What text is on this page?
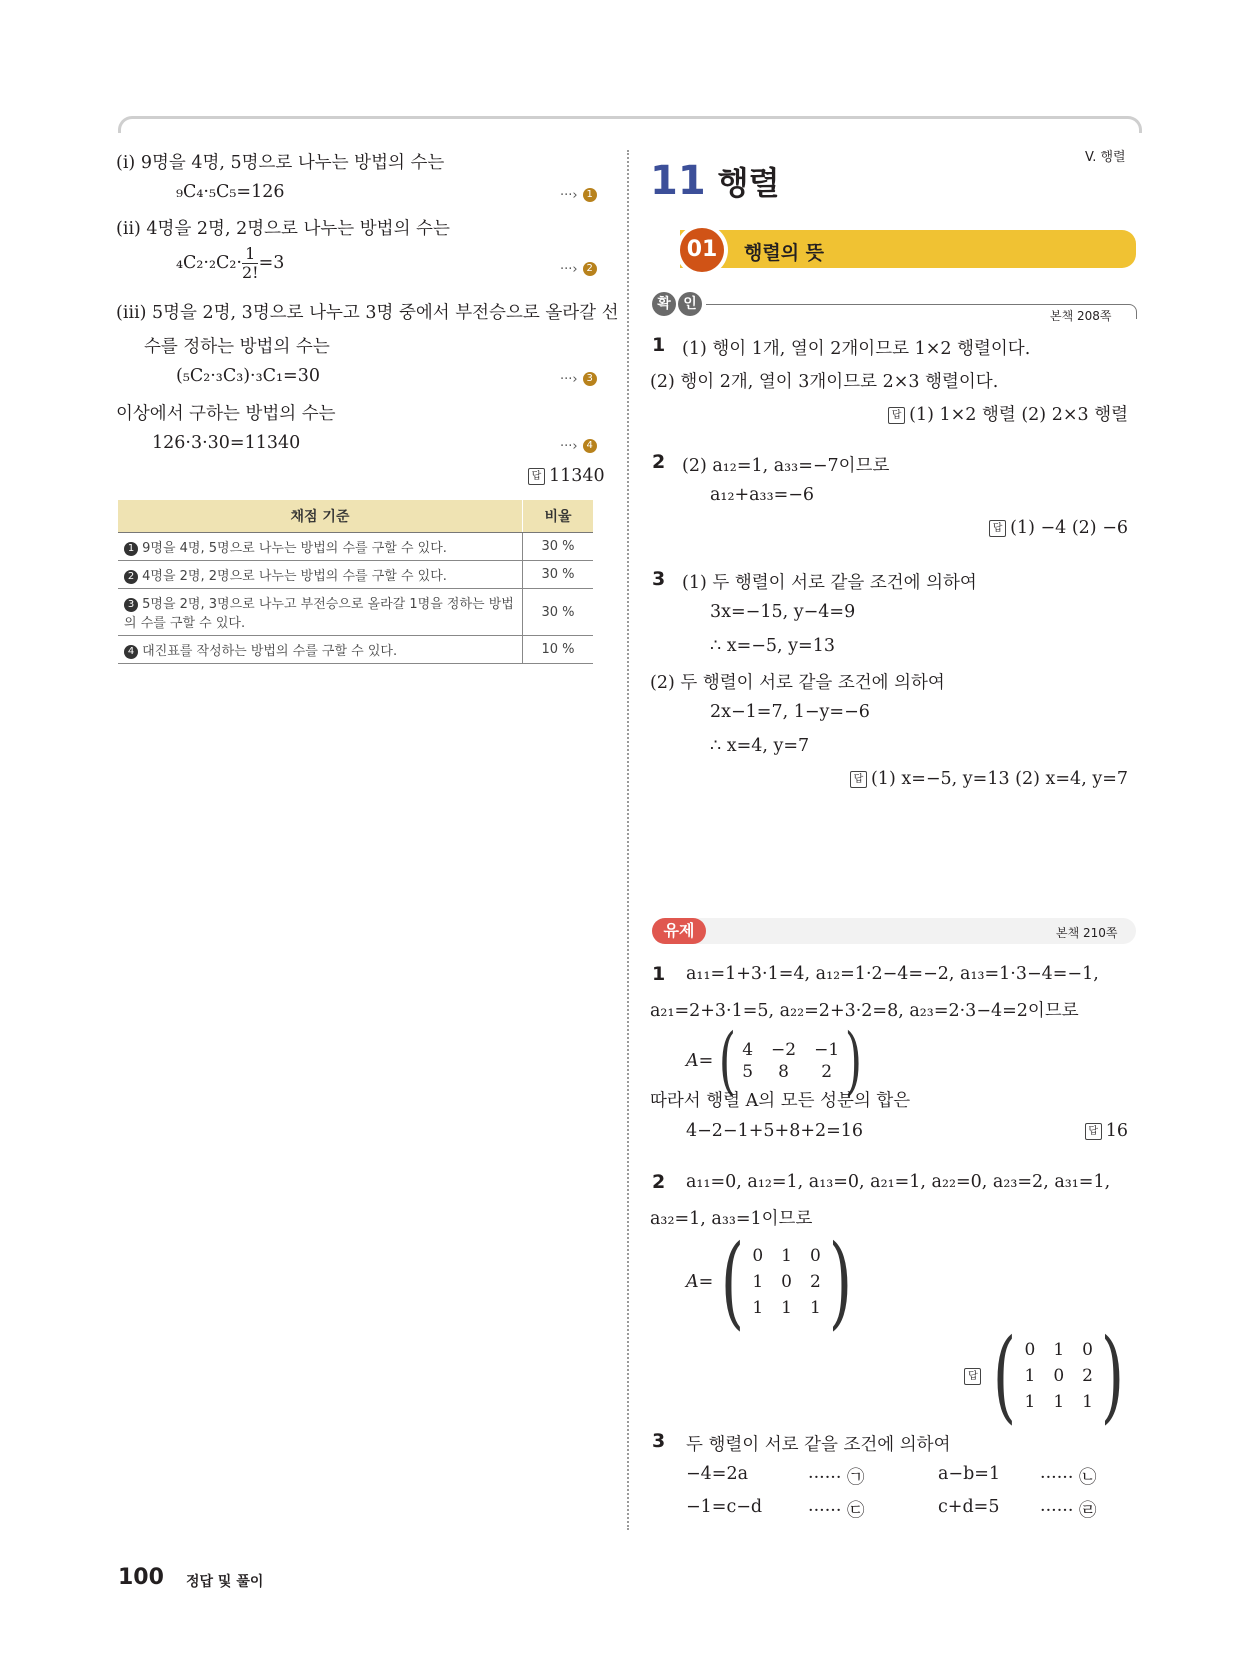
(ⅰ) 9명을 4명, 5명으로 나누는 방법의 수는
₉C₄·₅C₅=126	···› 1
(ⅱ) 4명을 2명, 2명으로 나누는 방법의 수는
$_4C_2\cdot_2C_2\cdot \frac{1}{2!} =3$	···› 2
(ⅲ) 5명을 2명, 3명으로 나누고 3명 중에서 부전승으로 올라갈 선
수를 정하는 방법의 수는
(₅C₂·₃C₃)·₃C₁=30	···› 3
이상에서 구하는 방법의 수는
126·3·30=11340	···› 4
답 11340
채점 기준	비율
1 9명을 4명, 5명으로 나누는 방법의 수를 구할 수 있다.	30 %
2 4명을 2명, 2명으로 나누는 방법의 수를 구할 수 있다.	30 %
3 5명을 2명, 3명으로 나누고 부전승으로 올라갈 1명을 정하는 방법의 수를 구할 수 있다.	30 %
4 대진표를 작성하는 방법의 수를 구할 수 있다.	10 %
V. 행렬
11 행렬
01	행렬의 뜻
확 인
본책 208쪽
1 (1) 행이 1개, 열이 2개이므로 1×2 행렬이다.
(2) 행이 2개, 열이 3개이므로 2×3 행렬이다.
답 (1) 1×2 행렬 (2) 2×3 행렬
2 (2) a₁₂=1, a₃₃=−7이므로
a₁₂+a₃₃=−6
답 (1) −4 (2) −6
3 (1) 두 행렬이 서로 같을 조건에 의하여
3x=−15, y−4=9
∴ x=−5, y=13
(2) 두 행렬이 서로 같을 조건에 의하여
2x−1=7, 1−y=−6
∴ x=4, y=7
답 (1) x=−5, y=13 (2) x=4, y=7
유제	본책 210쪽
1 a₁₁=1+3·1=4, a₁₂=1·2−4=−2, a₁₃=1·3−4=−1,
a₂₁=2+3·1=5, a₂₂=2+3·2=8, a₂₃=2·3−4=2이므로
A= ( 4 −2 −1
5	8	2 )
따라서 행렬 A의 모든 성분의 합은
4−2−1+5+8+2=16	답 16
2 a₁₁=0, a₁₂=1, a₁₃=0, a₂₁=1, a₂₂=0, a₂₃=2, a₃₁=1,
a₃₂=1, a₃₃=1이므로
A= ( 0 1 0
1 0 2
1 1 1 )
답 ( 0 1 0
1 0 2
1 1 1 )
3 두 행렬이 서로 같을 조건에 의하여
−4=2a	······ ㉠	a−b=1 ······ ㉡
−1=c−d	······ ㉢	c+d=5 ······ ㉣
100 정답 및 풀이
